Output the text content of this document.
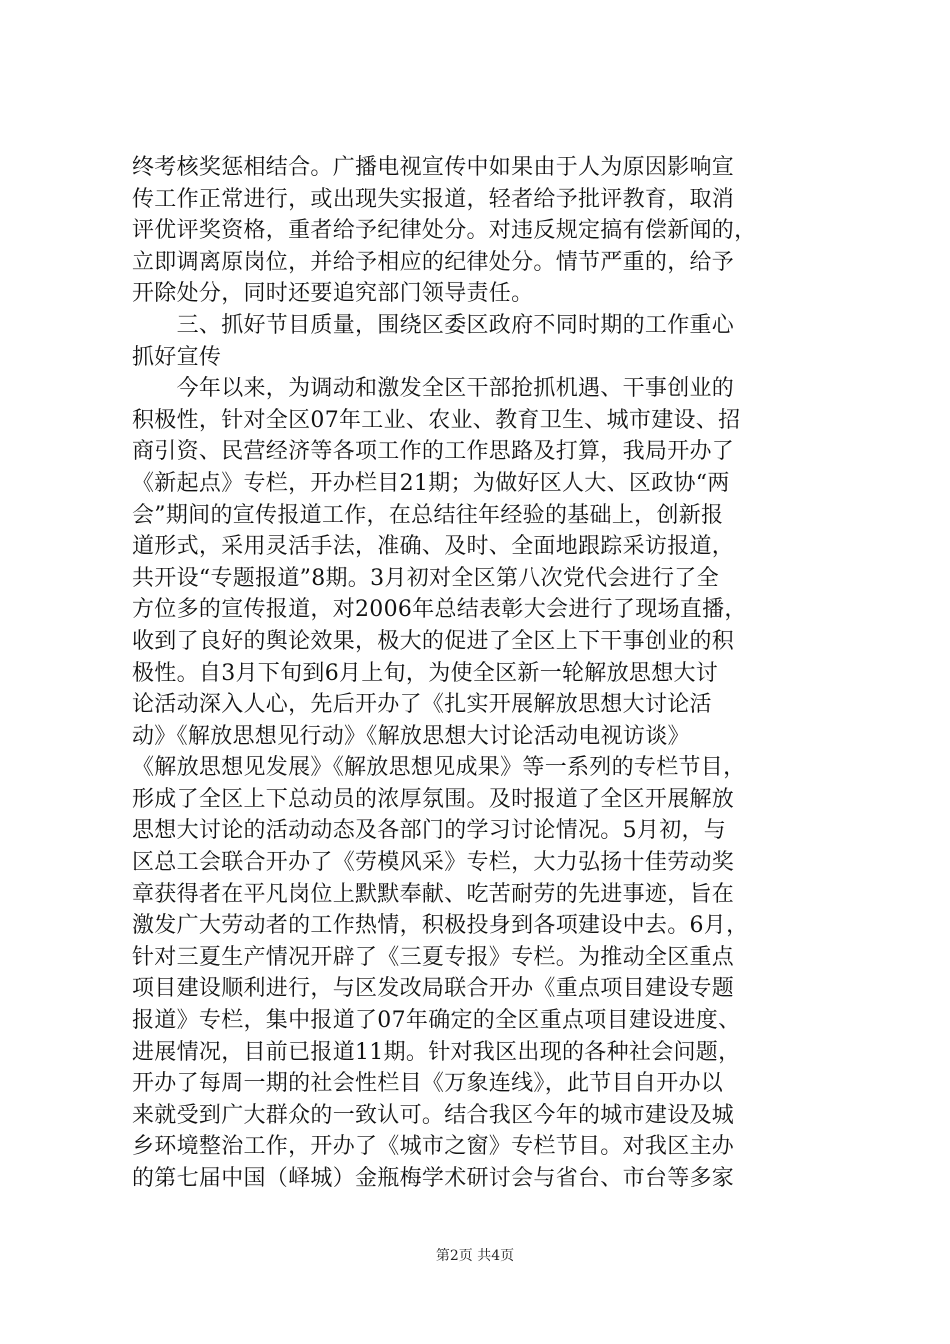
终考核奖惩相结合。广播电视宣传中如果由于人为原因影响宣
传工作正常进行，或出现失实报道，轻者给予批评教育，取消
评优评奖资格，重者给予纪律处分。对违反规定搞有偿新闻的，
立即调离原岗位，并给予相应的纪律处分。情节严重的，给予
开除处分，同时还要追究部门领导责任。
　　三、抓好节目质量，围绕区委区政府不同时期的工作重心
抓好宣传
　　今年以来，为调动和激发全区干部抢抓机遇、干事创业的
积极性，针对全区07年工业、农业、教育卫生、城市建设、招
商引资、民营经济等各项工作的工作思路及打算，我局开办了
《新起点》专栏，开办栏目21期；为做好区人大、区政协“两
会”期间的宣传报道工作，在总结往年经验的基础上，创新报
道形式，采用灵活手法，准确、及时、全面地跟踪采访报道，
共开设“专题报道”8期。3月初对全区第八次党代会进行了全
方位多的宣传报道，对2006年总结表彰大会进行了现场直播，
收到了良好的舆论效果，极大的促进了全区上下干事创业的积
极性。自3月下旬到6月上旬，为使全区新一轮解放思想大讨
论活动深入人心，先后开办了《扎实开展解放思想大讨论活
动》《解放思想见行动》《解放思想大讨论活动电视访谈》
《解放思想见发展》《解放思想见成果》等一系列的专栏节目，
形成了全区上下总动员的浓厚氛围。及时报道了全区开展解放
思想大讨论的活动动态及各部门的学习讨论情况。5月初，与
区总工会联合开办了《劳模风采》专栏，大力弘扬十佳劳动奖
章获得者在平凡岗位上默默奉献、吃苦耐劳的先进事迹，旨在
激发广大劳动者的工作热情，积极投身到各项建设中去。6月，
针对三夏生产情况开辟了《三夏专报》专栏。为推动全区重点
项目建设顺利进行，与区发改局联合开办《重点项目建设专题
报道》专栏，集中报道了07年确定的全区重点项目建设进度、
进展情况，目前已报道11期。针对我区出现的各种社会问题，
开办了每周一期的社会性栏目《万象连线》，此节目自开办以
来就受到广大群众的一致认可。结合我区今年的城市建设及城
乡环境整治工作，开办了《城市之窗》专栏节目。对我区主办
的第七届中国（峄城）金瓶梅学术研讨会与省台、市台等多家
第2页 共4页
